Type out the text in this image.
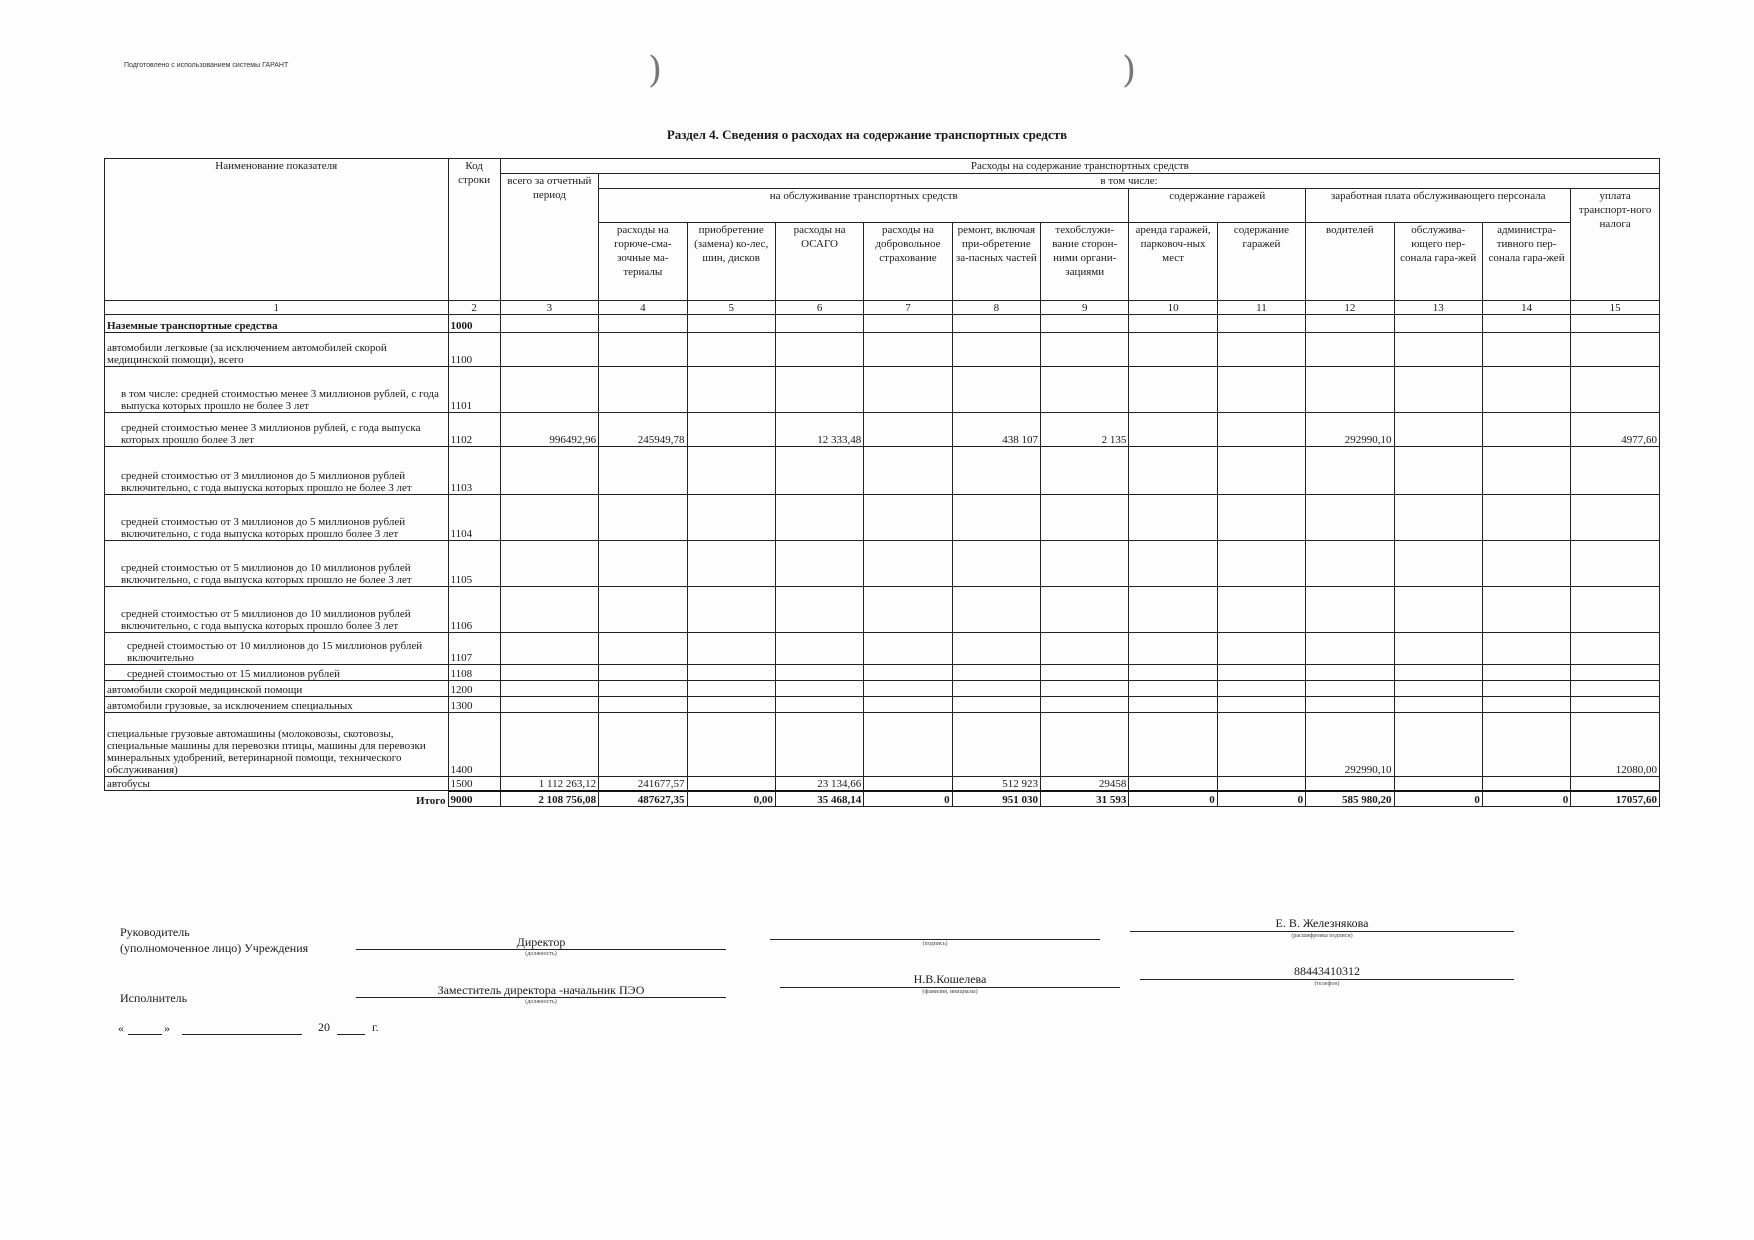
Подготовлено с использованием системы ГАРАНТ	)	)
Раздел 4. Сведения о расходах на содержание транспортных средств
Наименование показателя	Код строки	Расходы на содержание транспортных средств												
		всего за отчетный период	в том числе:											
			на обслуживание транспортных средств						содержание гаражей		заработная плата обслуживающего персонала			уплата транспорт-ного налога
			расходы на горюче-сма-зочные ма-териалы	приобретение (замена) ко-лес, шин, дисков	расходы на ОСАГО	расходы на добровольное страхование	ремонт, включая при-обретение за-пасных частей	техобслужи-вание сторон-ними органи-зациями	аренда гаражей, парковоч-ных мест	содержание гаражей	водителей	обслужива-ющего пер-сонала гара-жей	администра-тивного пер-сонала гара-жей	
1	2	3	4	5	6	7	8	9	10	11	12	13	14	15
Наземные транспортные средства	1000													
автомобили легковые (за исключением автомобилей скорой медицинской помощи), всего	1100													
в том числе: средней стоимостью менее 3 миллионов рублей, с года выпуска которых прошло не более 3 лет	1101													
средней стоимостью менее 3 миллионов рублей, с года выпуска которых прошло более 3 лет	1102	996492,96	245949,78		12 333,48		438 107	2 135			292990,10			4977,60
средней стоимостью от 3 миллионов до 5 миллионов рублей включительно, с года выпуска которых прошло не более 3 лет	1103													
средней стоимостью от 3 миллионов до 5 миллионов рублей включительно, с года выпуска которых прошло более 3 лет	1104													
средней стоимостью от 5 миллионов до 10 миллионов рублей включительно, с года выпуска которых прошло не более 3 лет	1105													
средней стоимостью от 5 миллионов до 10 миллионов рублей включительно, с года выпуска которых прошло более 3 лет	1106													
средней стоимостью от 10 миллионов до 15 миллионов рублей включительно	1107													
средней стоимостью от 15 миллионов рублей	1108													
автомобили скорой медицинской помощи	1200													
автомобили грузовые, за исключением специальных	1300													
специальные грузовые автомашины (молоковозы, скотовозы, специальные машины для перевозки птицы, машины для перевозки минеральных удобрений, ветеринарной помощи, технического обслуживания)	1400										292990,10			12080,00
автобусы	1500	1 112 263,12	241677,57		23 134,66		512 923	29458						
Итого	9000	2 108 756,08	487627,35	0,00	35 468,14	0	951 030	31 593	0	0	585 980,20	0	0	17057,60
Руководитель
(уполномоченное лицо) Учреждения	Директор
(должность)
(подпись)
Е. В. Железнякова
(расшифровка подписи)
Исполнитель
Заместитель директора -начальник ПЭО
(должность)
Н.В.Кошелева
(фамилия, инициалы)
88443410312
(телефон)
«	»	20	г.
